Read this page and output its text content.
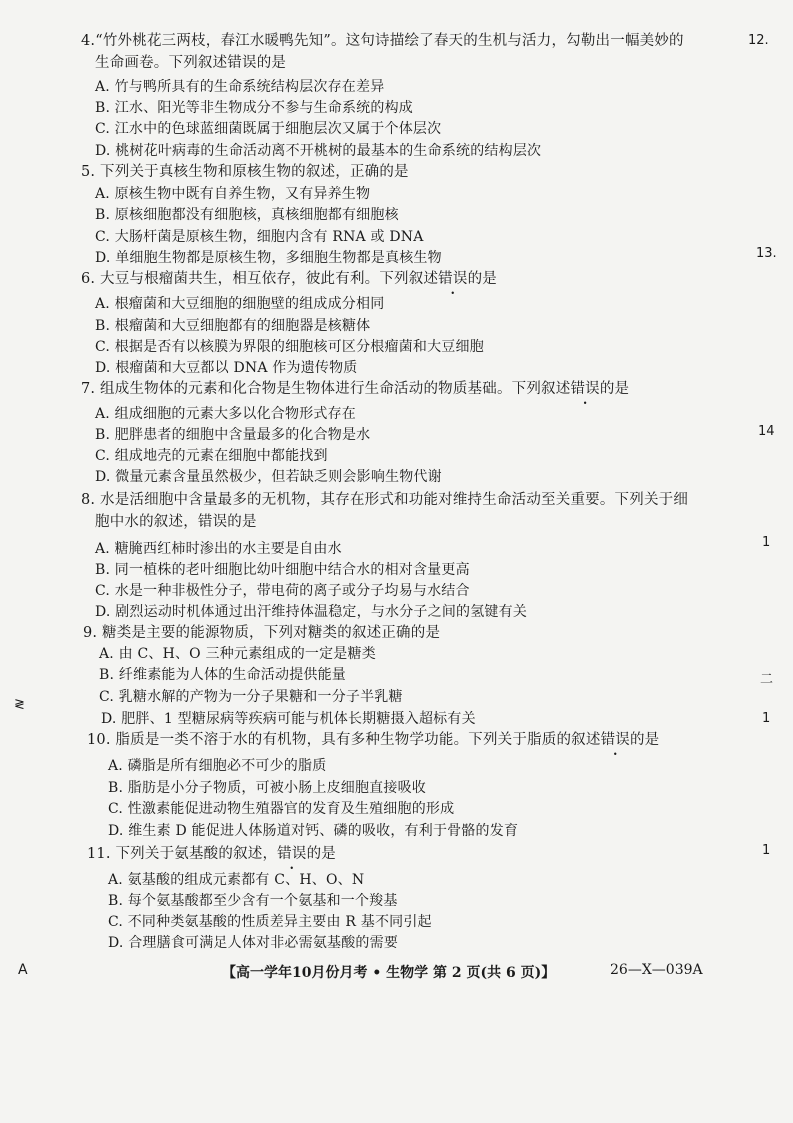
4.“竹外桃花三两枝，春江水暖鸭先知”。这句诗描绘了春天的生机与活力，勾勒出一幅美妙的
生命画卷。下列叙述错误的是
A. 竹与鸭所具有的生命系统结构层次存在差异
B. 江水、阳光等非生物成分不参与生命系统的构成
C. 江水中的色球蓝细菌既属于细胞层次又属于个体层次
D. 桃树花叶病毒的生命活动离不开桃树的最基本的生命系统的结构层次
5. 下列关于真核生物和原核生物的叙述，正确的是
A. 原核生物中既有自养生物，又有异养生物
B. 原核细胞都没有细胞核，真核细胞都有细胞核
C. 大肠杆菌是原核生物，细胞内含有 RNA 或 DNA
D. 单细胞生物都是原核生物，多细胞生物都是真核生物
6. 大豆与根瘤菌共生，相互依存，彼此有利。下列叙述错误的是
A. 根瘤菌和大豆细胞的细胞壁的组成成分相同
B. 根瘤菌和大豆细胞都有的细胞器是核糖体
C. 根据是否有以核膜为界限的细胞核可区分根瘤菌和大豆细胞
D. 根瘤菌和大豆都以 DNA 作为遗传物质
7. 组成生物体的元素和化合物是生物体进行生命活动的物质基础。下列叙述错误的是
A. 组成细胞的元素大多以化合物形式存在
B. 肥胖患者的细胞中含量最多的化合物是水
C. 组成地壳的元素在细胞中都能找到
D. 微量元素含量虽然极少，但若缺乏则会影响生物代谢
8. 水是活细胞中含量最多的无机物，其存在形式和功能对维持生命活动至关重要。下列关于细
胞中水的叙述，错误的是
A. 糖腌西红柿时渗出的水主要是自由水
B. 同一植株的老叶细胞比幼叶细胞中结合水的相对含量更高
C. 水是一种非极性分子，带电荷的离子或分子均易与水结合
D. 剧烈运动时机体通过出汗维持体温稳定，与水分子之间的氢键有关
9. 糖类是主要的能源物质，下列对糖类的叙述正确的是
A. 由 C、H、O 三种元素组成的一定是糖类
B. 纤维素能为人体的生命活动提供能量
C. 乳糖水解的产物为一分子果糖和一分子半乳糖
D. 肥胖、1 型糖尿病等疾病可能与机体长期糖摄入超标有关
10. 脂质是一类不溶于水的有机物，具有多种生物学功能。下列关于脂质的叙述错误的是
A. 磷脂是所有细胞必不可少的脂质
B. 脂肪是小分子物质，可被小肠上皮细胞直接吸收
C. 性激素能促进动物生殖器官的发育及生殖细胞的形成
D. 维生素 D 能促进人体肠道对钙、磷的吸收，有利于骨骼的发育
11. 下列关于氨基酸的叙述，错误的是
A. 氨基酸的组成元素都有 C、H、O、N
B. 每个氨基酸都至少含有一个氨基和一个羧基
C. 不同种类氨基酸的性质差异主要由 R 基不同引起
D. 合理膳食可满足人体对非必需氨基酸的需要
12.
13.
14
1
二
1
1
≷
A	【高一学年10月份月考 • 生物学 第 2 页(共 6 页)】	26—X—039A
